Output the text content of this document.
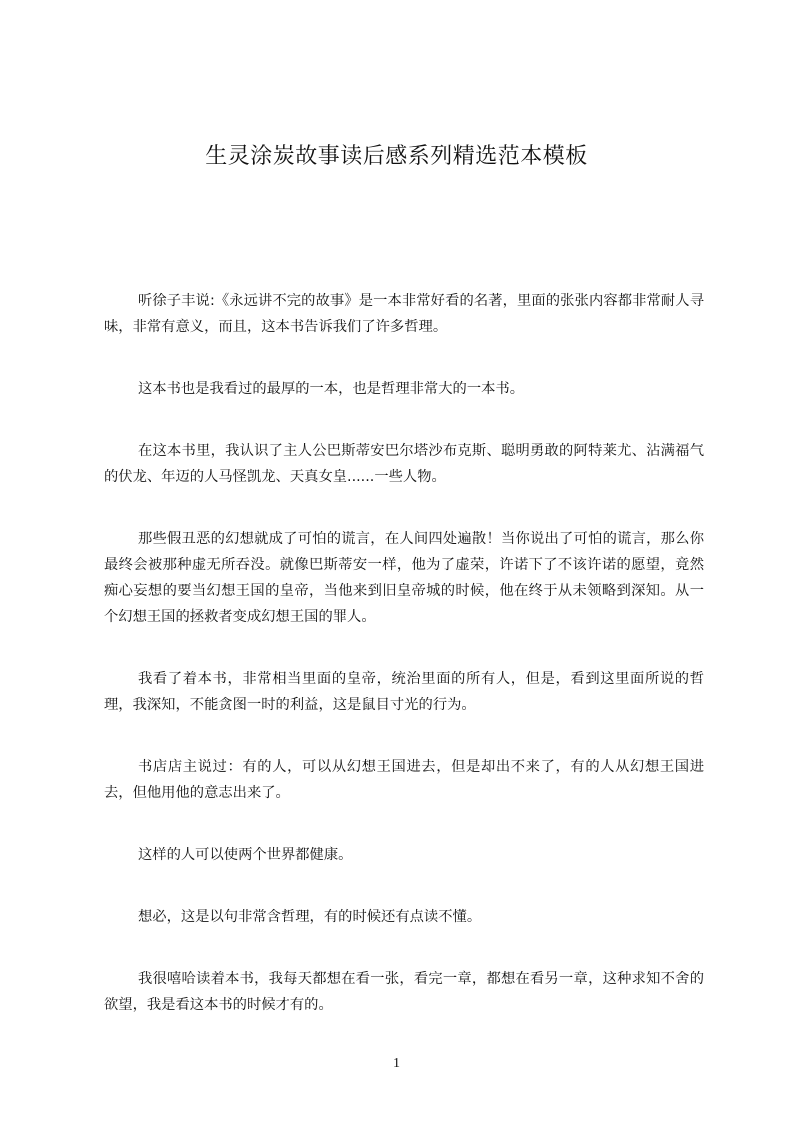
生灵涂炭故事读后感系列精选范本模板

听徐子丰说:《永远讲不完的故事》是一本非常好看的名著，里面的张张内容都非常耐人寻味，非常有意义，而且，这本书告诉我们了许多哲理。

这本书也是我看过的最厚的一本，也是哲理非常大的一本书。

在这本书里，我认识了主人公巴斯蒂安巴尔塔沙布克斯、聪明勇敢的阿特莱尤、沾满福气的伏龙、年迈的人马怪凯龙、天真女皇......一些人物。

那些假丑恶的幻想就成了可怕的谎言，在人间四处遍散！当你说出了可怕的谎言，那么你最终会被那种虚无所吞没。就像巴斯蒂安一样，他为了虚荣，许诺下了不该许诺的愿望，竟然痴心妄想的要当幻想王国的皇帝，当他来到旧皇帝城的时候，他在终于从未领略到深知。从一个幻想王国的拯救者变成幻想王国的罪人。

我看了着本书，非常相当里面的皇帝，统治里面的所有人，但是，看到这里面所说的哲理，我深知，不能贪图一时的利益，这是鼠目寸光的行为。

书店店主说过：有的人，可以从幻想王国进去，但是却出不来了，有的人从幻想王国进去，但他用他的意志出来了。

这样的人可以使两个世界都健康。

想必，这是以句非常含哲理，有的时候还有点读不懂。

我很嘻哈读着本书，我每天都想在看一张，看完一章，都想在看另一章，这种求知不舍的欲望，我是看这本书的时候才有的。

1
